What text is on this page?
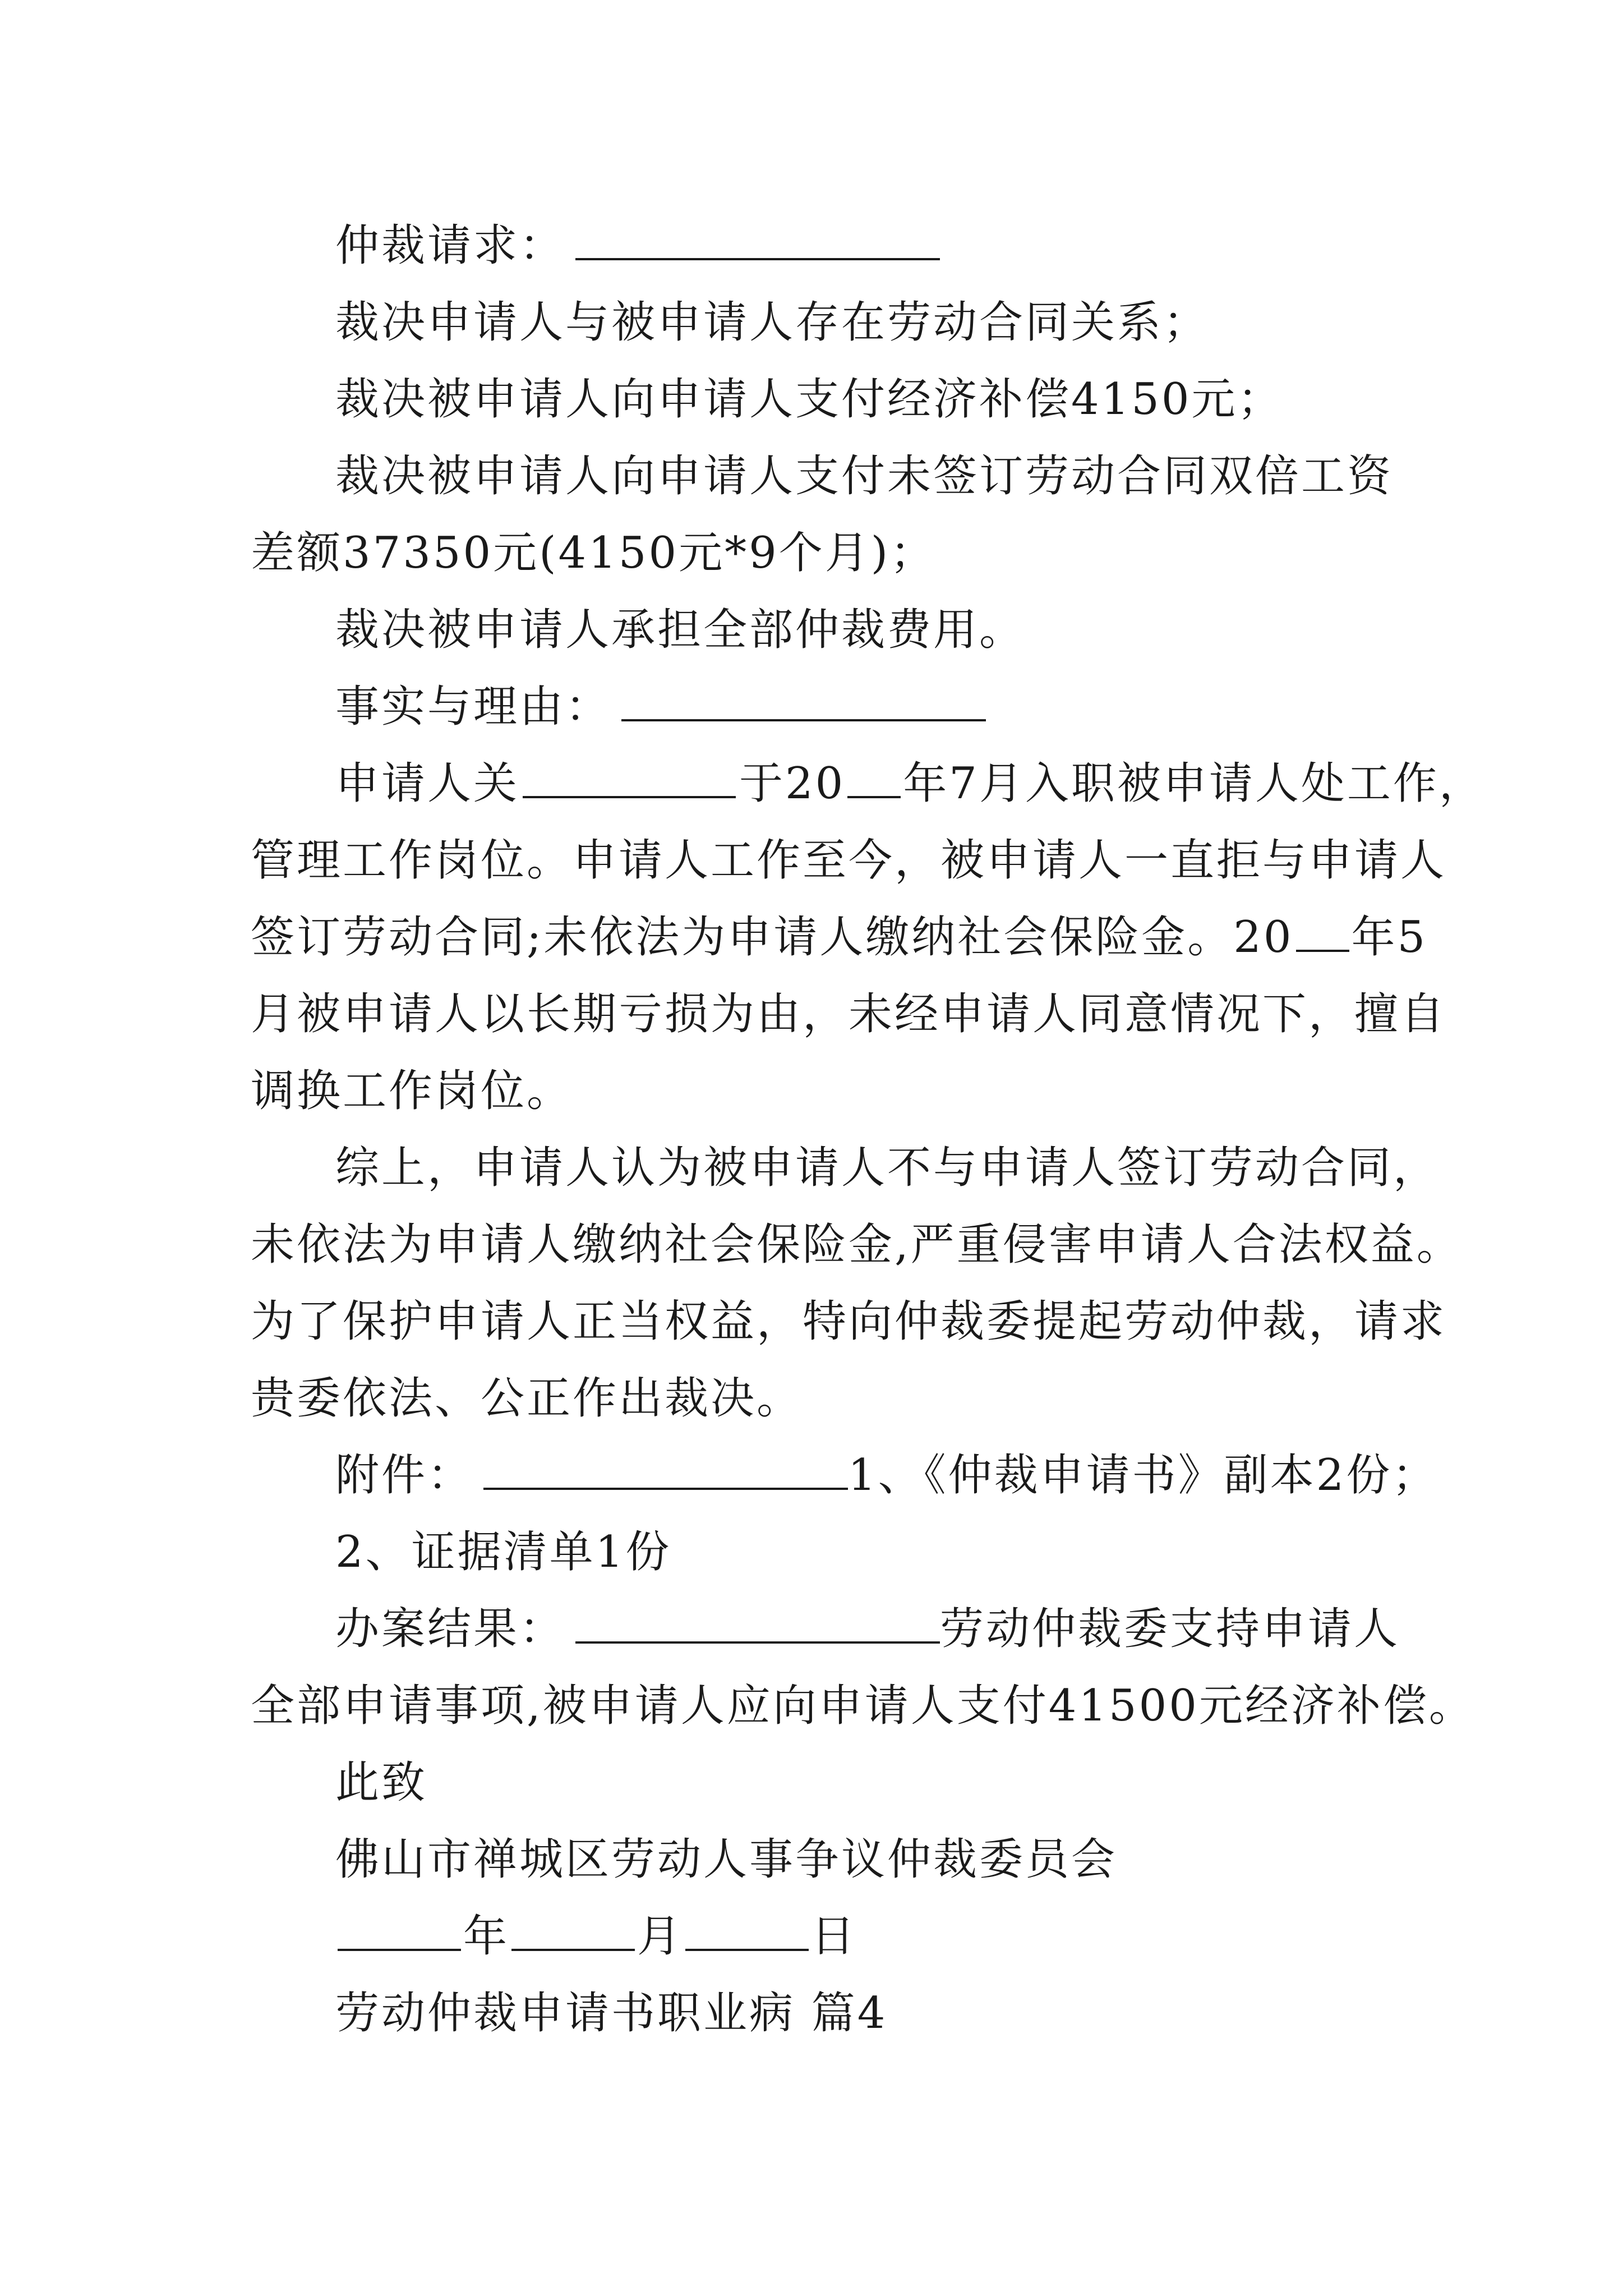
仲裁请求：
裁决申请人与被申请人存在劳动合同关系；
裁决被申请人向申请人支付经济补偿4150元；
裁决被申请人向申请人支付未签订劳动合同双倍工资
差额37350元(4150元*9个月)；
裁决被申请人承担全部仲裁费用。
事实与理由：
申请人关	于20 年7月入职被申请人处工作，
管理工作岗位。申请人工作至今，被申请人一直拒与申请人
签订劳动合同;未依法为申请人缴纳社会保险金。20 年5
月被申请人以长期亏损为由，未经申请人同意情况下，擅自
调换工作岗位。
综上，申请人认为被申请人不与申请人签订劳动合同，
未依法为申请人缴纳社会保险金,严重侵害申请人合法权益。
为了保护申请人正当权益，特向仲裁委提起劳动仲裁，请求
贵委依法、公正作出裁决。
附件：	1、《仲裁申请书》副本2份；
2、证据清单1份
办案结果：	劳动仲裁委支持申请人
全部申请事项,被申请人应向申请人支付41500元经济补偿。
此致
佛山市禅城区劳动人事争议仲裁委员会
年	月	日
劳动仲裁申请书职业病 篇4
